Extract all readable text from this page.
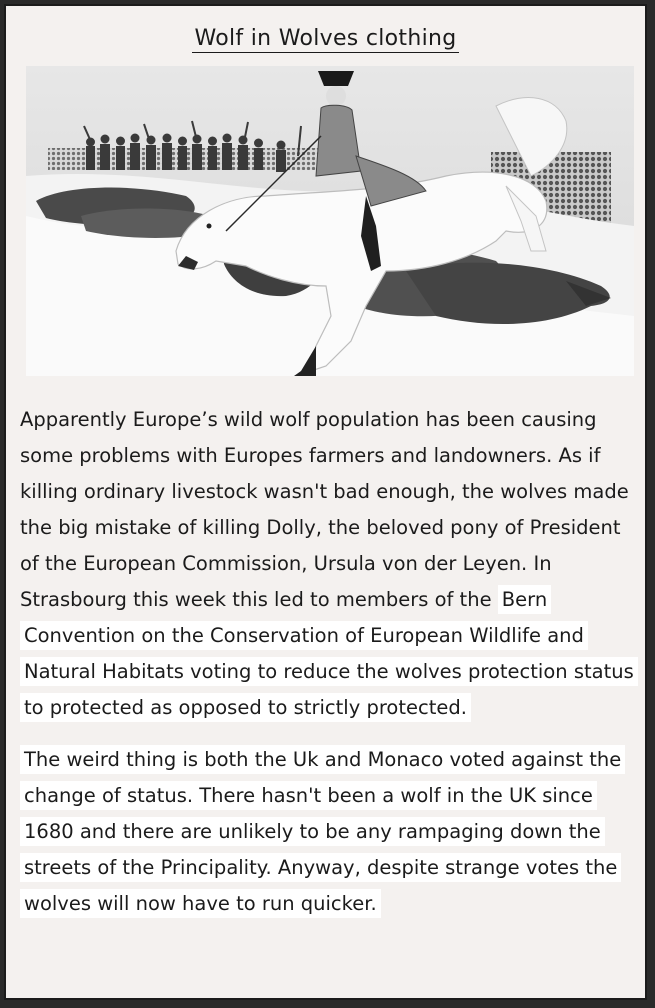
Wolf in Wolves clothing

Apparently Europe’s wild wolf population has been causing some problems with Europes farmers and landowners. As if killing ordinary livestock wasn't bad enough, the wolves made the big mistake of killing Dolly, the beloved pony of President of the European Commission, Ursula von der Leyen. In Strasbourg this week this led to members of the Bern Convention on the Conservation of European Wildlife and Natural Habitats voting to reduce the wolves protection status to protected as opposed to strictly protected.

The weird thing is both the Uk and Monaco voted against the change of status. There hasn't been a wolf in the UK since 1680 and there are unlikely to be any rampaging down the streets of the Principality. Anyway, despite strange votes the wolves will now have to run quicker.
